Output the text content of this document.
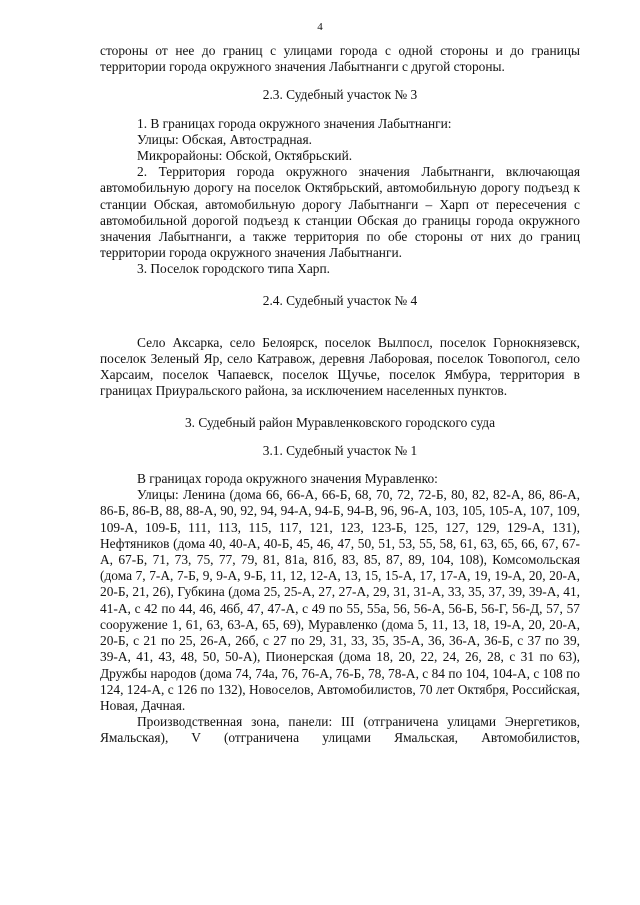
4

стороны от нее до границ с улицами города с одной стороны и до границы территории города окружного значения Лабытнанги с другой стороны.

2.3. Судебный участок № 3

1. В границах города окружного значения Лабытнанги:

Улицы: Обская, Автострадная.

Микрорайоны: Обской, Октябрьский.

2. Территория города окружного значения Лабытнанги, включающая автомобильную дорогу на поселок Октябрьский, автомобильную дорогу подъезд к станции Обская, автомобильную дорогу Лабытнанги – Харп от пересечения с автомобильной дорогой подъезд к станции Обская до границы города окружного значения Лабытнанги, а также территория по обе стороны от них до границ территории города окружного значения Лабытнанги.

3. Поселок городского типа Харп.

2.4. Судебный участок № 4

Село Аксарка, село Белоярск, поселок Вылпосл, поселок Горнокнязевск, поселок Зеленый Яр, село Катравож, деревня Лаборовая, поселок Товопогол, село Харсаим, поселок Чапаевск, поселок Щучье, поселок Ямбура, территория в границах Приуральского района, за исключением населенных пунктов.

3. Судебный район Муравленковского городского суда

3.1. Судебный участок № 1

В границах города окружного значения Муравленко:

Улицы: Ленина (дома 66, 66-А, 66-Б, 68, 70, 72, 72-Б, 80, 82, 82-А, 86, 86-А, 86-Б, 86-В, 88, 88-А, 90, 92, 94, 94-А, 94-Б, 94-В, 96, 96-А, 103, 105, 105-А, 107, 109, 109-А, 109-Б, 111, 113, 115, 117, 121, 123, 123-Б, 125, 127, 129, 129-А, 131), Нефтяников (дома 40, 40-А, 40-Б, 45, 46, 47, 50, 51, 53, 55, 58, 61, 63, 65, 66, 67, 67-А, 67-Б, 71, 73, 75, 77, 79, 81, 81а, 81б, 83, 85, 87, 89, 104, 108), Комсомольская (дома 7, 7-А, 7-Б, 9, 9-А, 9-Б, 11, 12, 12-А, 13, 15, 15-А, 17, 17-А, 19, 19-А, 20, 20-А, 20-Б, 21, 26), Губкина (дома 25, 25-А, 27, 27-А, 29, 31, 31-А, 33, 35, 37, 39, 39-А, 41, 41-А, с 42 по 44, 46, 46б, 47, 47-А, с 49 по 55, 55а, 56, 56-А, 56-Б, 56-Г, 56-Д, 57, 57 сооружение 1, 61, 63, 63-А, 65, 69), Муравленко (дома 5, 11, 13, 18, 19-А, 20, 20-А, 20-Б, с 21 по 25, 26-А, 26б, с 27 по 29, 31, 33, 35, 35-А, 36, 36-А, 36-Б, с 37 по 39, 39-А, 41, 43, 48, 50, 50-А), Пионерская (дома 18, 20, 22, 24, 26, 28, с 31 по 63), Дружбы народов (дома 74, 74а, 76, 76-А, 76-Б, 78, 78-А, с 84 по 104, 104-А, с 108 по 124, 124-А, с 126 по 132), Новоселов, Автомобилистов, 70 лет Октября, Российская, Новая, Дачная.

Производственная зона, панели: III (отграничена улицами Энергетиков, Ямальская), V (отграничена улицами Ямальская, Автомобилистов,
